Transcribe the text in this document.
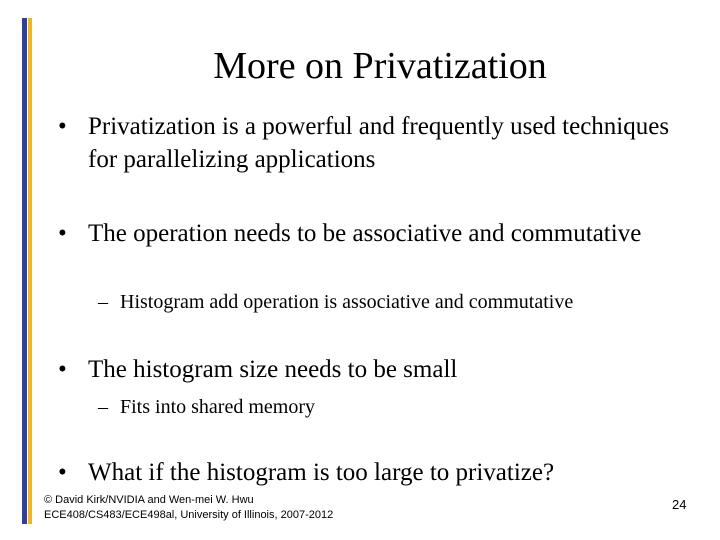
More on Privatization
• Privatization is a powerful and frequently used techniques for parallelizing applications
• The operation needs to be associative and commutative
– Histogram add operation is associative and commutative
• The histogram size needs to be small
– Fits into shared memory
• What if the histogram is too large to privatize?
© David Kirk/NVIDIA and Wen-mei W. Hwu ECE408/CS483/ECE498al, University of Illinois, 2007-2012
24
